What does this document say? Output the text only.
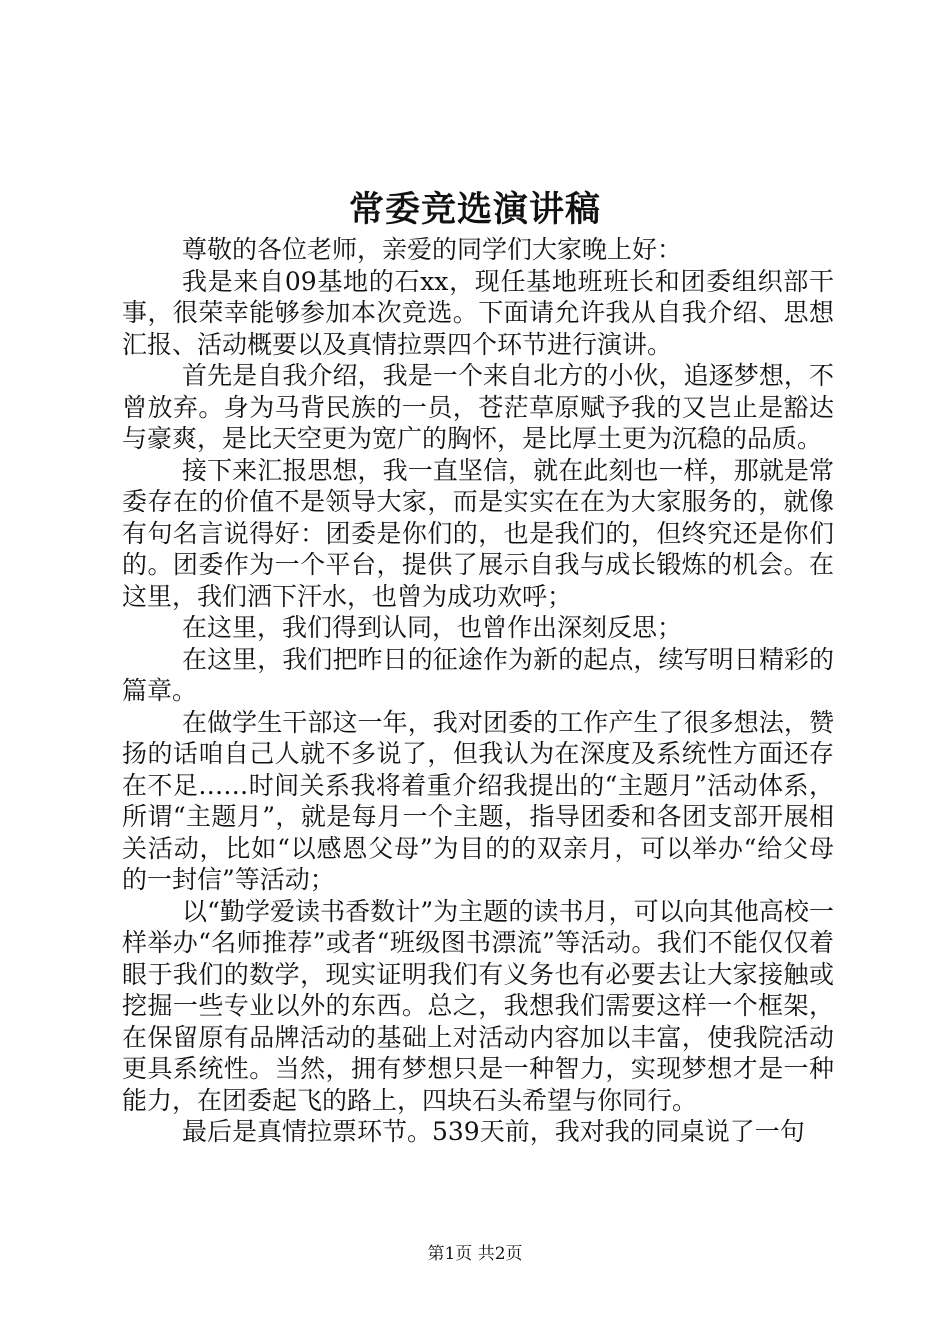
常委竞选演讲稿

尊敬的各位老师，亲爱的同学们大家晚上好：

我是来自09基地的石xx，现任基地班班长和团委组织部干事，很荣幸能够参加本次竞选。下面请允许我从自我介绍、思想汇报、活动概要以及真情拉票四个环节进行演讲。

首先是自我介绍，我是一个来自北方的小伙，追逐梦想，不曾放弃。身为马背民族的一员，苍茫草原赋予我的又岂止是豁达与豪爽，是比天空更为宽广的胸怀，是比厚土更为沉稳的品质。

接下来汇报思想，我一直坚信，就在此刻也一样，那就是常委存在的价值不是领导大家，而是实实在在为大家服务的，就像有句名言说得好：团委是你们的，也是我们的，但终究还是你们的。团委作为一个平台，提供了展示自我与成长锻炼的机会。在这里，我们洒下汗水，也曾为成功欢呼；

在这里，我们得到认同，也曾作出深刻反思；

在这里，我们把昨日的征途作为新的起点，续写明日精彩的篇章。

在做学生干部这一年，我对团委的工作产生了很多想法，赞扬的话咱自己人就不多说了，但我认为在深度及系统性方面还存在不足……时间关系我将着重介绍我提出的“主题月”活动体系，所谓“主题月”，就是每月一个主题，指导团委和各团支部开展相关活动，比如“以感恩父母”为目的的双亲月，可以举办“给父母的一封信”等活动；

以“勤学爱读书香数计”为主题的读书月，可以向其他高校一样举办“名师推荐”或者“班级图书漂流”等活动。我们不能仅仅着眼于我们的数学，现实证明我们有义务也有必要去让大家接触或挖掘一些专业以外的东西。总之，我想我们需要这样一个框架，在保留原有品牌活动的基础上对活动内容加以丰富，使我院活动更具系统性。当然，拥有梦想只是一种智力，实现梦想才是一种能力，在团委起飞的路上，四块石头希望与你同行。

最后是真情拉票环节。539天前，我对我的同桌说了一句

第1页 共2页
